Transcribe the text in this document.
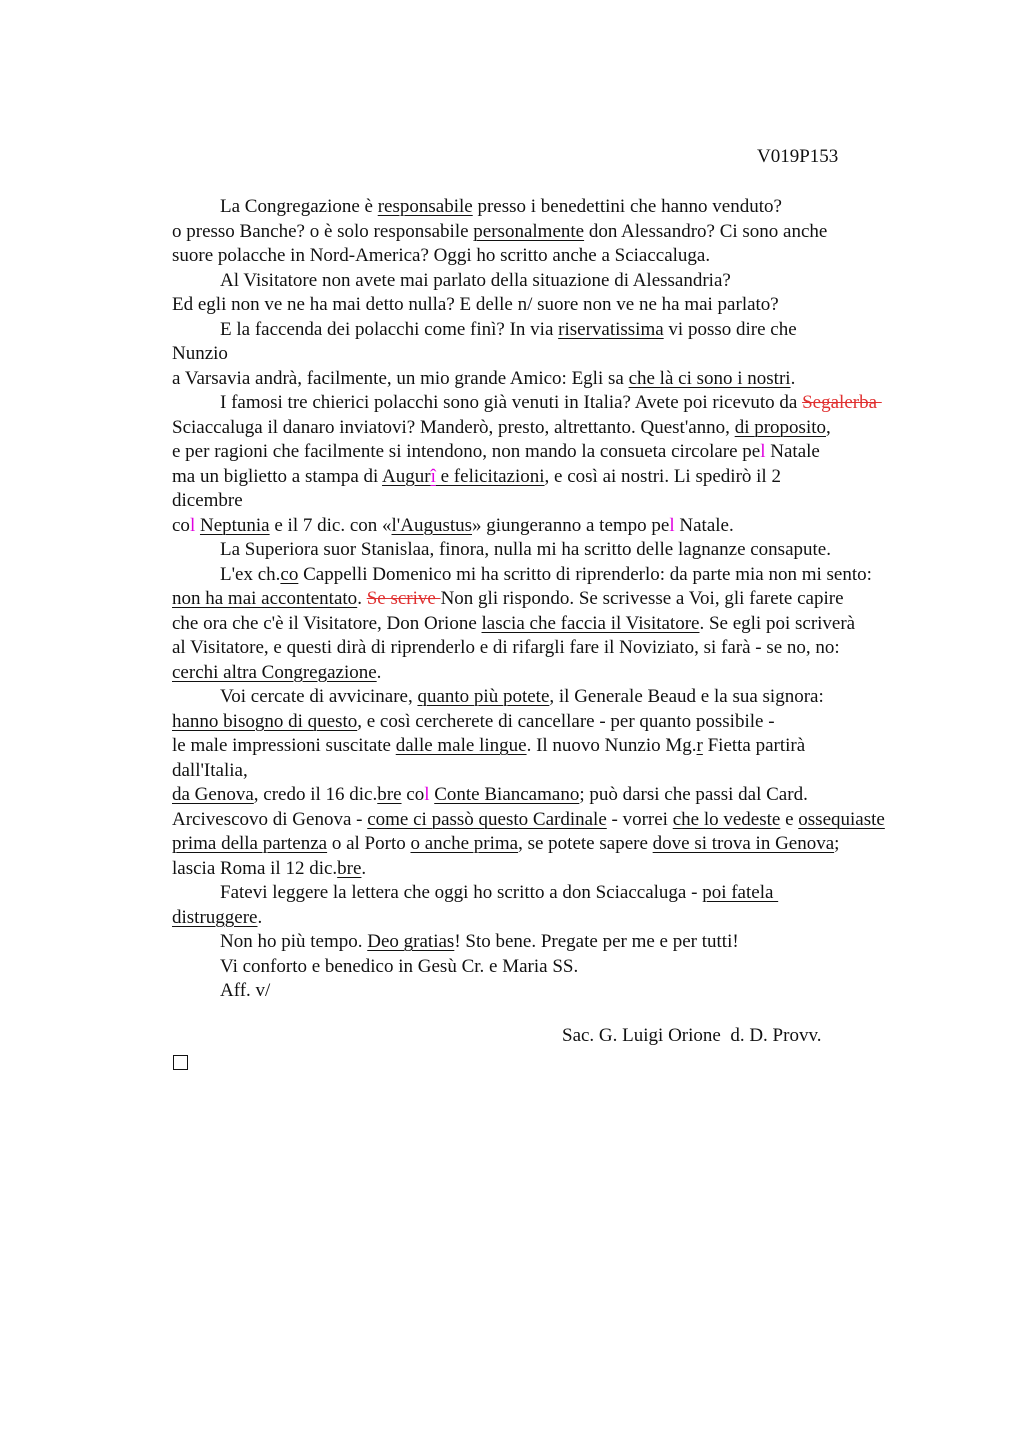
V019P153
La Congregazione è responsabile presso i benedettini che hanno venduto?
o presso Banche? o è solo responsabile personalmente don Alessandro? Ci sono anche
suore polacche in Nord-America? Oggi ho scritto anche a Sciaccaluga.
Al Visitatore non avete mai parlato della situazione di Alessandria?
Ed egli non ve ne ha mai detto nulla? E delle n/ suore non ve ne ha mai parlato?
E la faccenda dei polacchi come finì? In via riservatissima vi posso dire che
Nunzio
a Varsavia andrà, facilmente, un mio grande Amico: Egli sa che là ci sono i nostri.
I famosi tre chierici polacchi sono già venuti in Italia? Avete poi ricevuto da Segalerba
Sciaccaluga il danaro inviatovi? Manderò, presto, altrettanto. Quest'anno, di proposito,
e per ragioni che facilmente si intendono, non mando la consueta circolare pel Natale
ma un biglietto a stampa di Augurî e felicitazioni, e così ai nostri. Li spedirò il 2
dicembre
col Neptunia e il 7 dic. con «l'Augustus» giungeranno a tempo pel Natale.
La Superiora suor Stanislaa, finora, nulla mi ha scritto delle lagnanze consapute.
L'ex ch.co Cappelli Domenico mi ha scritto di riprenderlo: da parte mia non mi sento:
non ha mai accontentato. Se scrive Non gli rispondo. Se scrivesse a Voi, gli farete capire
che ora che c'è il Visitatore, Don Orione lascia che faccia il Visitatore. Se egli poi scriverà
al Visitatore, e questi dirà di riprenderlo e di rifargli fare il Noviziato, si farà - se no, no:
cerchi altra Congregazione.
Voi cercate di avvicinare, quanto più potete, il Generale Beaud e la sua signora:
hanno bisogno di questo, e così cercherete di cancellare - per quanto possibile -
le male impressioni suscitate dalle male lingue. Il nuovo Nunzio Mg.r Fietta partirà
dall'Italia,
da Genova, credo il 16 dic.bre col Conte Biancamano; può darsi che passi dal Card.
Arcivescovo di Genova - come ci passò questo Cardinale - vorrei che lo vedeste e ossequiaste
prima della partenza o al Porto o anche prima, se potete sapere dove si trova in Genova;
lascia Roma il 12 dic.bre.
Fatevi leggere la lettera che oggi ho scritto a don Sciaccaluga - poi fatela
distruggere.
Non ho più tempo. Deo gratias! Sto bene. Pregate per me e per tutti!
Vi conforto e benedico in Gesù Cr. e Maria SS.
Aff. v/
Sac. G. Luigi Orione  d. D. Provv.
